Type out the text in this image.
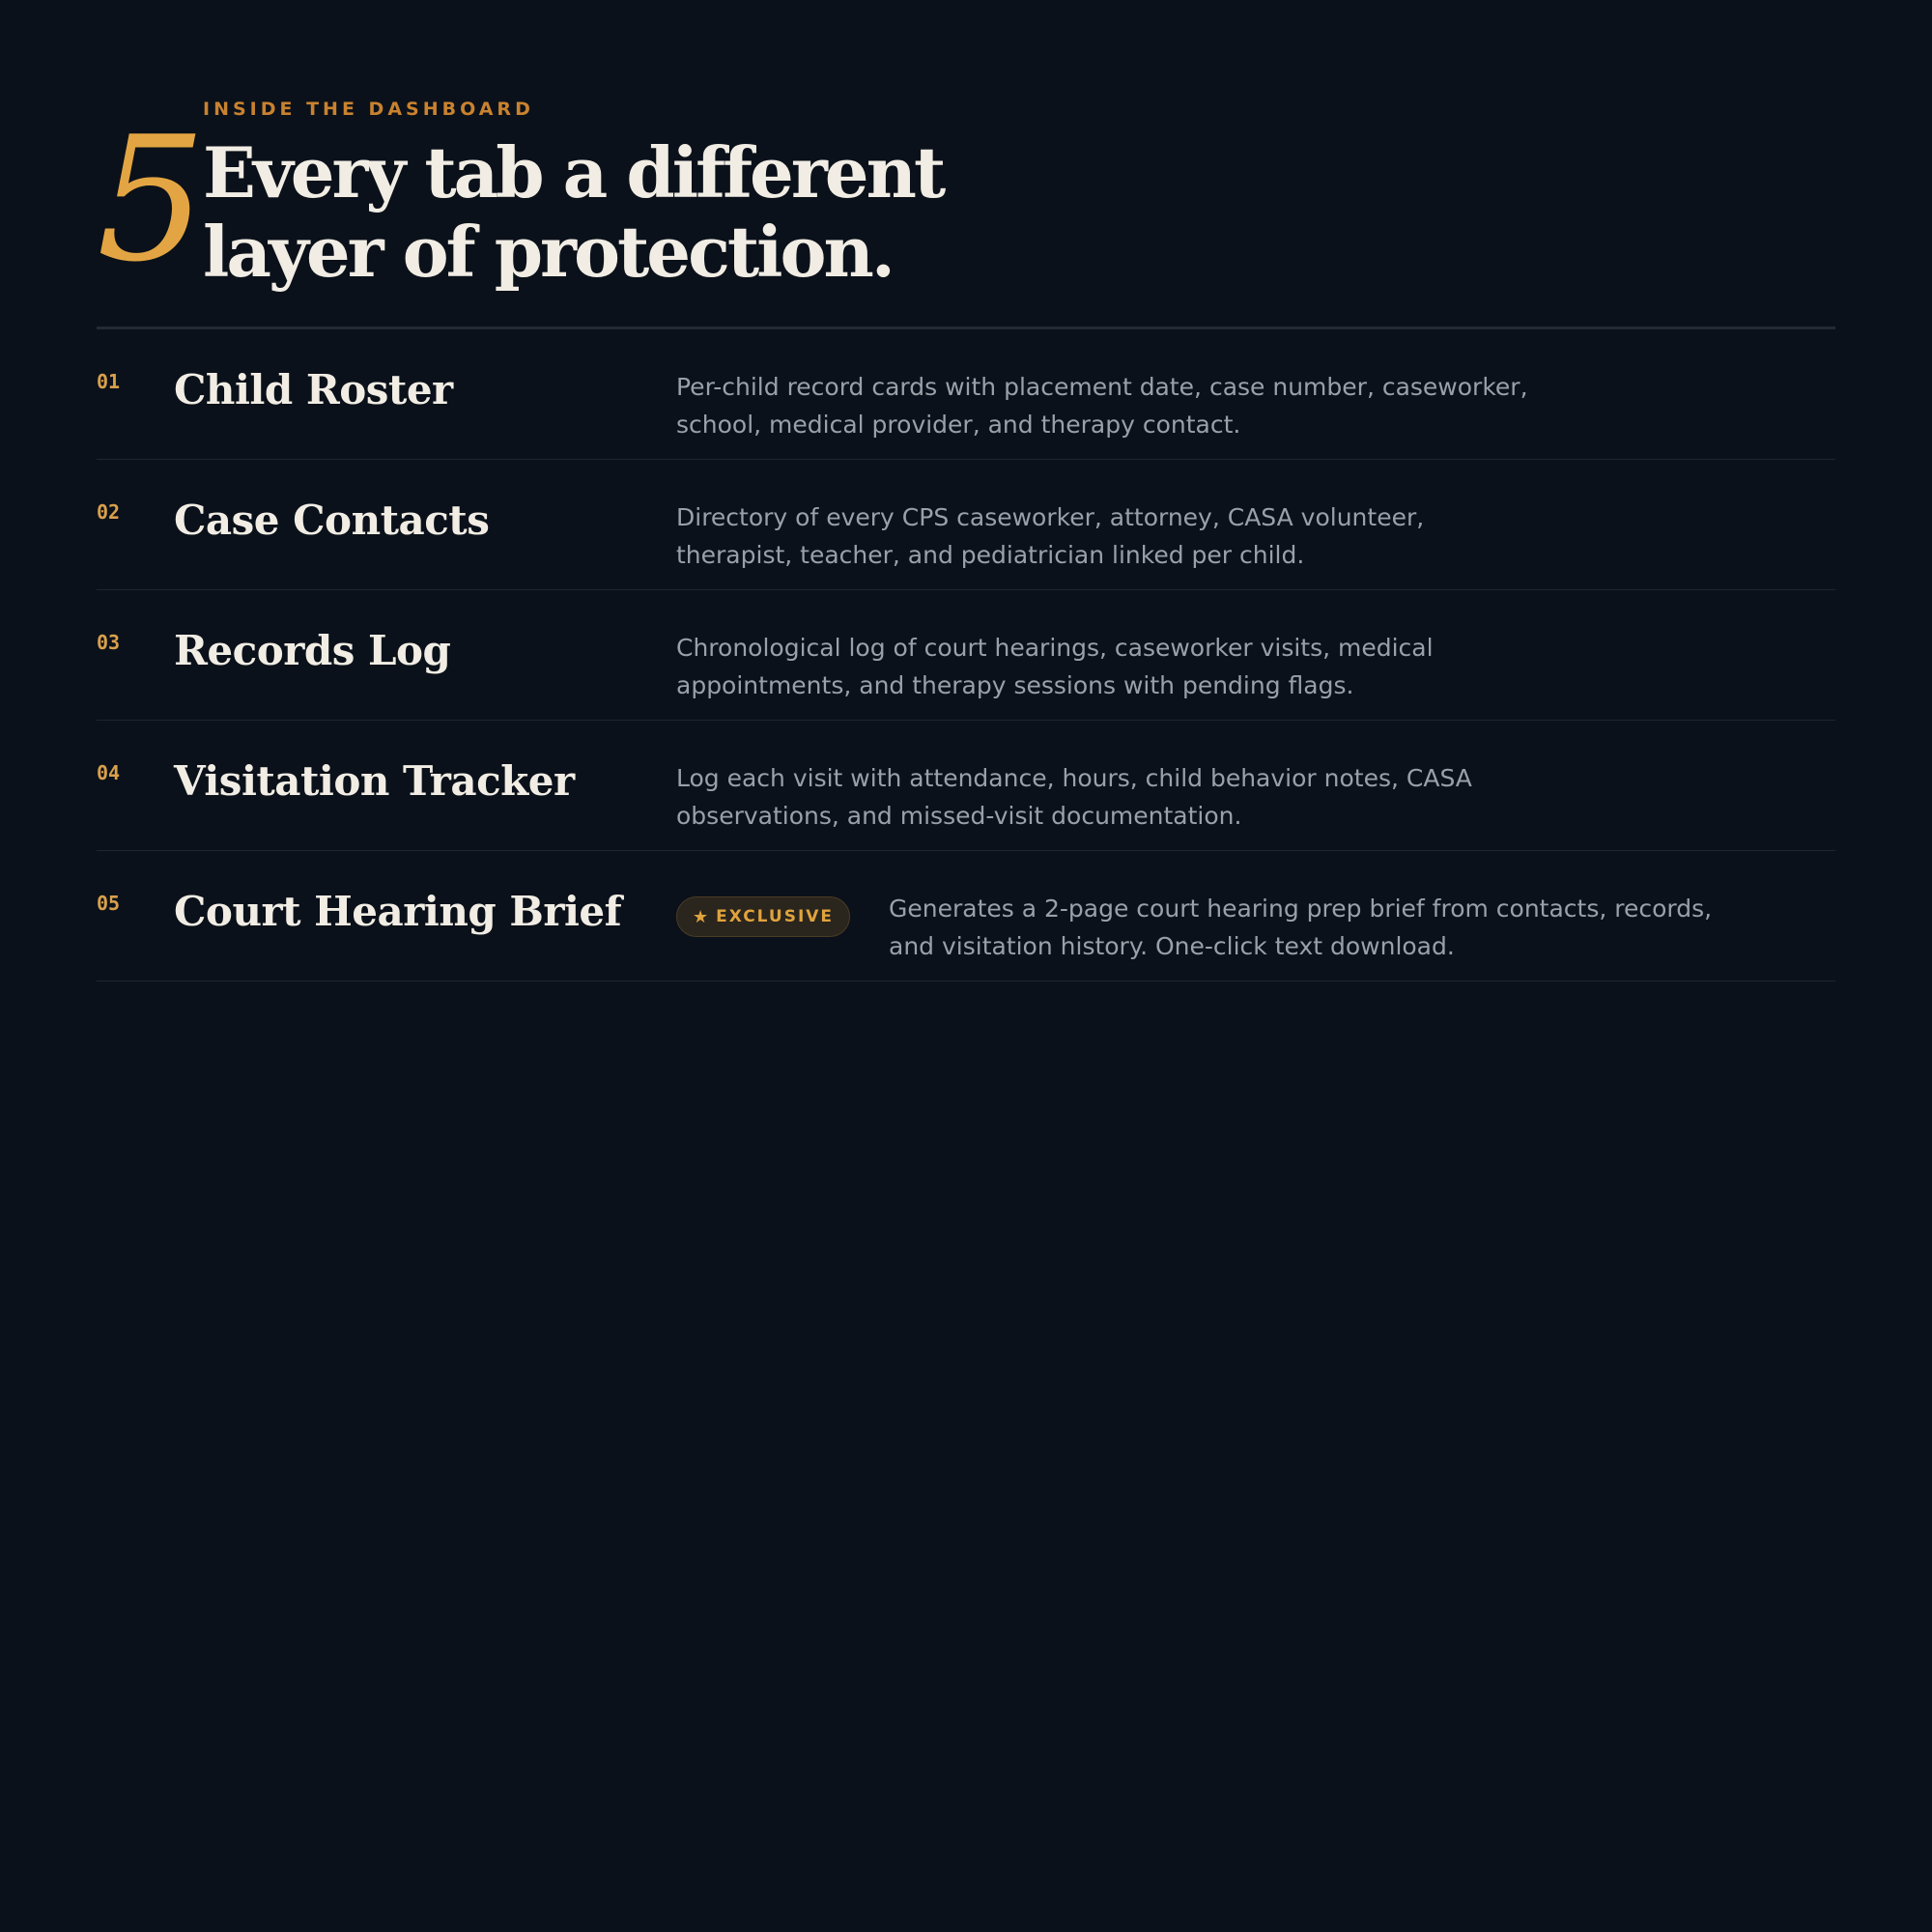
5
INSIDE THE DASHBOARD
Every tab a different
layer of protection.
01 Child Roster	Per-child record cards with placement date, case number, caseworker, school, medical provider, and therapy contact.
02 Case Contacts	Directory of every CPS caseworker, attorney, CASA volunteer, therapist, teacher, and pediatrician linked per child.
03 Records Log	Chronological log of court hearings, caseworker visits, medical appointments, and therapy sessions with pending flags.
04 Visitation Tracker	Log each visit with attendance, hours, child behavior notes, CASA observations, and missed-visit documentation.
05 Court Hearing Brief	★ EXCLUSIVE Generates a 2-page court hearing prep brief from contacts, records, and visitation history. One-click text download.
